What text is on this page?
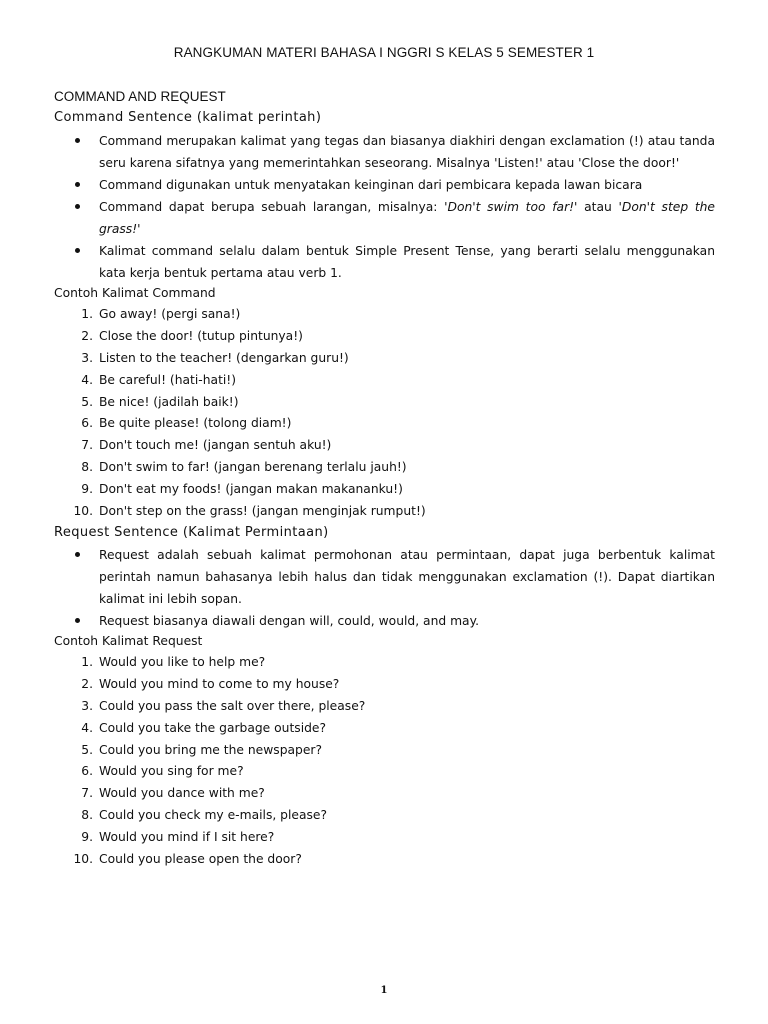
RANGKUMAN MATERI BAHASA I NGGRI S KELAS 5 SEMESTER 1
COMMAND AND REQUEST
Command Sentence (kalimat perintah)
Command merupakan kalimat yang tegas dan biasanya diakhiri dengan exclamation (!) atau tanda seru karena sifatnya yang memerintahkan seseorang. Misalnya 'Listen!' atau 'Close the door!'
Command digunakan untuk menyatakan keinginan dari pembicara kepada lawan bicara
Command dapat berupa sebuah larangan, misalnya: 'Don't swim too far!' atau 'Don't step the grass!'
Kalimat command selalu dalam bentuk Simple Present Tense, yang berarti selalu menggunakan kata kerja bentuk pertama atau verb 1.
Contoh Kalimat Command
1. Go away! (pergi sana!)
2. Close the door! (tutup pintunya!)
3. Listen to the teacher! (dengarkan guru!)
4. Be careful! (hati-hati!)
5. Be nice! (jadilah baik!)
6. Be quite please! (tolong diam!)
7. Don't touch me! (jangan sentuh aku!)
8. Don't swim to far! (jangan berenang terlalu jauh!)
9. Don't eat my foods! (jangan makan makananku!)
10. Don't step on the grass! (jangan menginjak rumput!)
Request Sentence (Kalimat Permintaan)
Request adalah sebuah kalimat permohonan atau permintaan, dapat juga berbentuk kalimat perintah namun bahasanya lebih halus dan tidak menggunakan exclamation (!). Dapat diartikan kalimat ini lebih sopan.
Request biasanya diawali dengan will, could, would, and may.
Contoh Kalimat Request
1. Would you like to help me?
2. Would you mind to come to my house?
3. Could you pass the salt over there, please?
4. Could you take the garbage outside?
5. Could you bring me the newspaper?
6. Would you sing for me?
7. Would you dance with me?
8. Could you check my e-mails, please?
9. Would you mind if I sit here?
10. Could you please open the door?
1
